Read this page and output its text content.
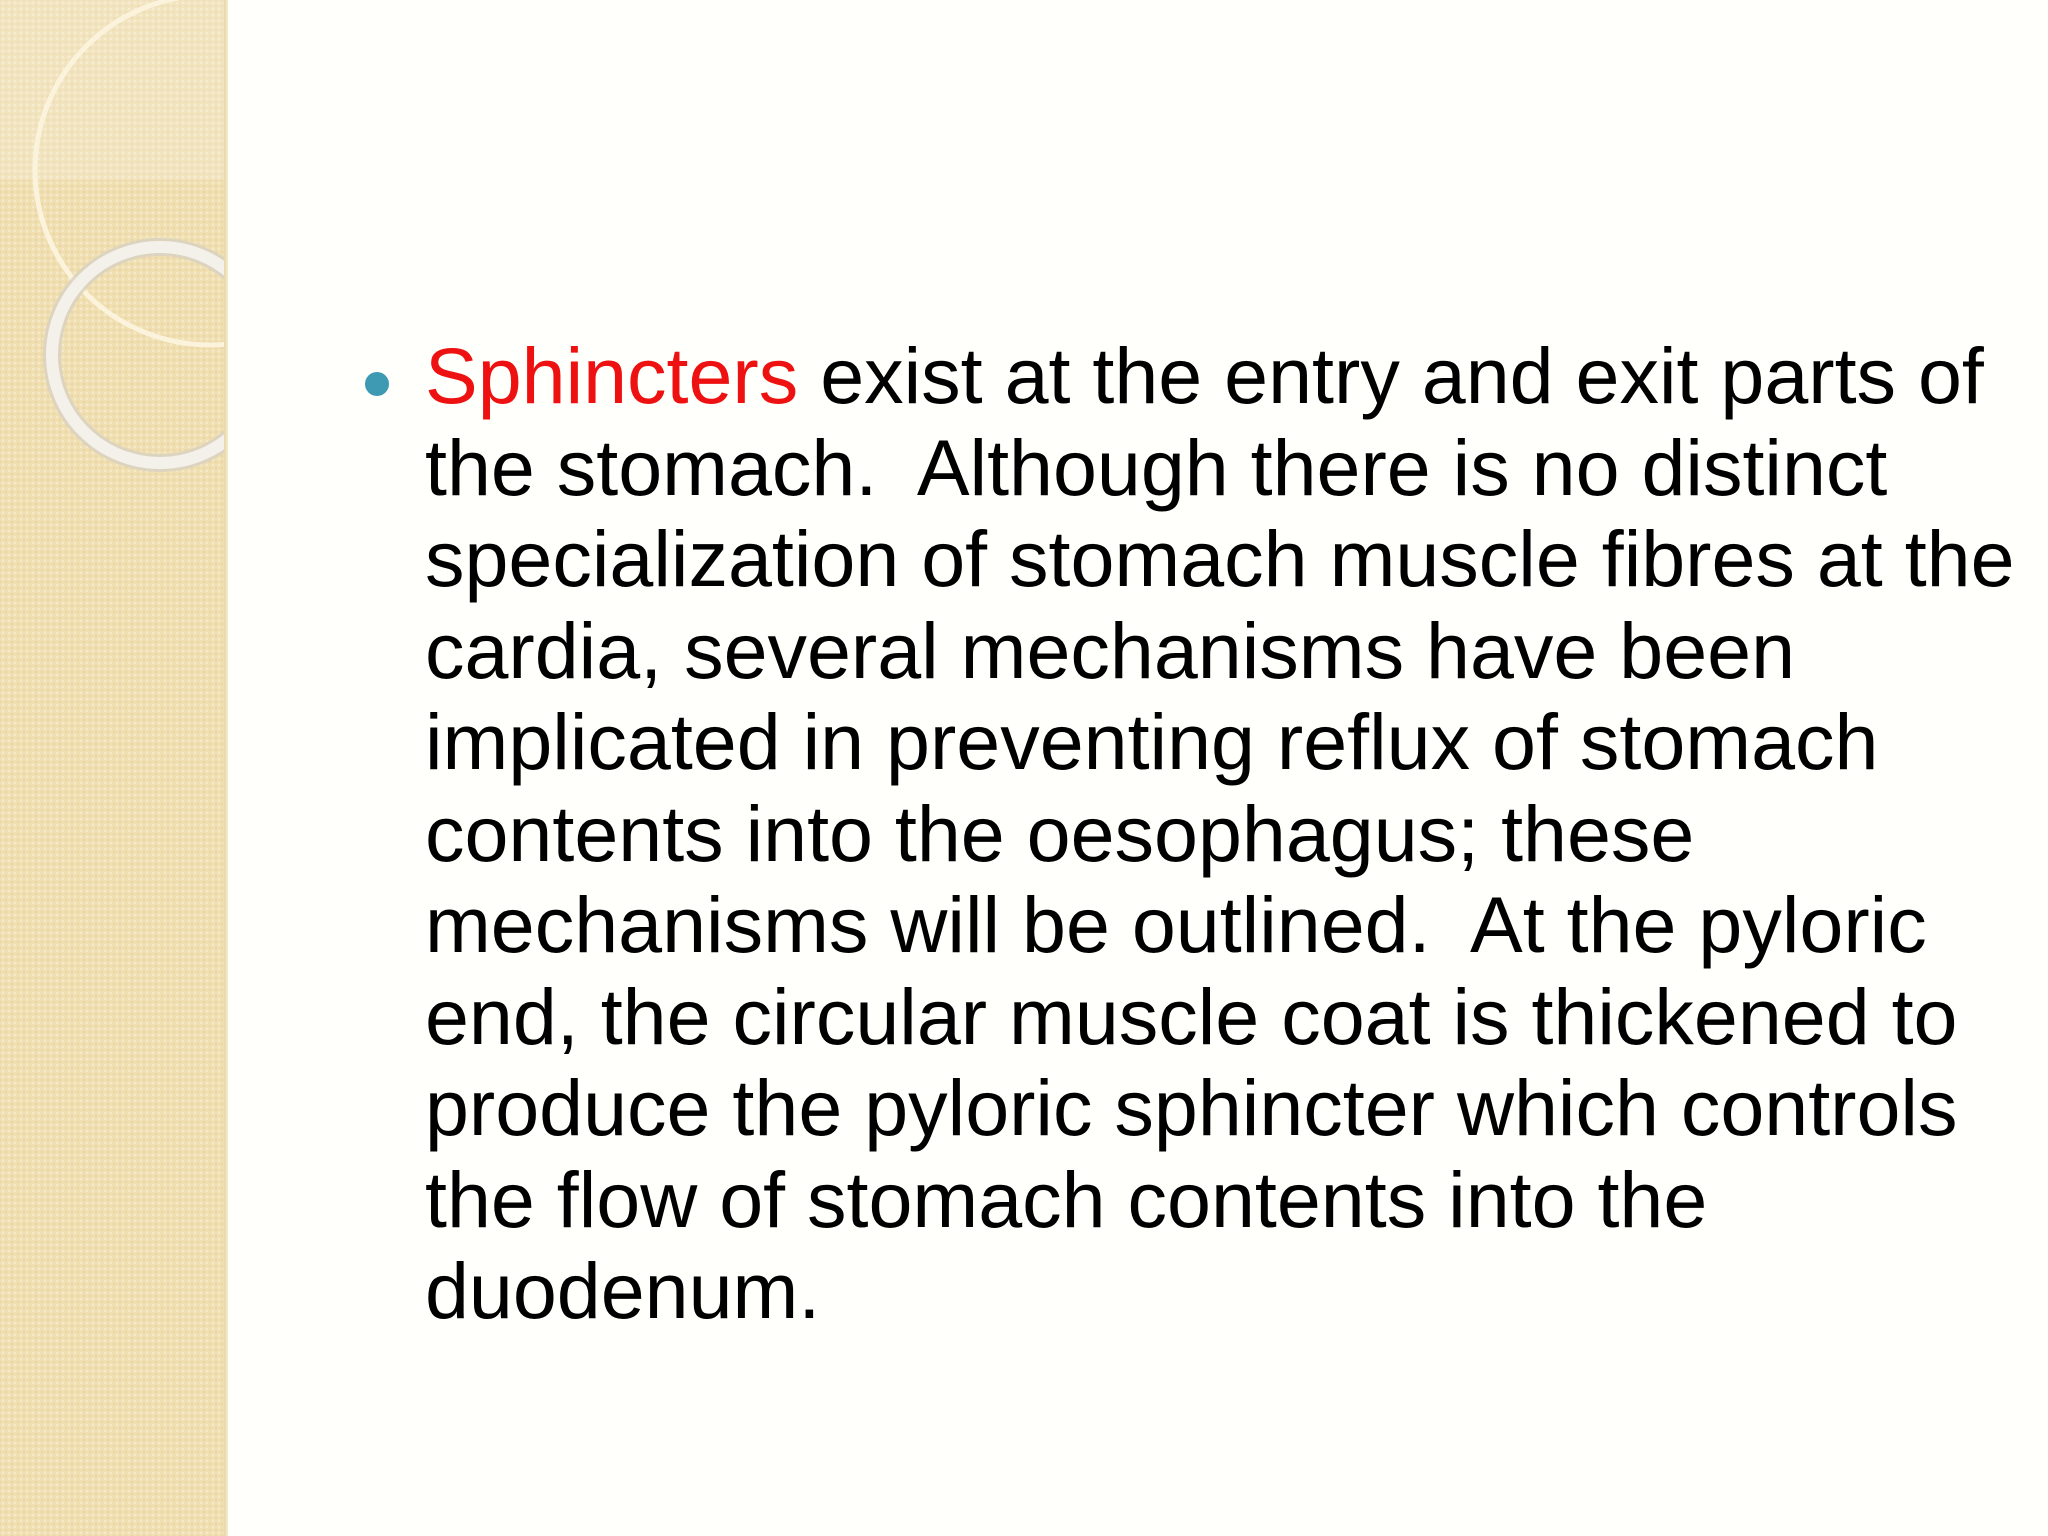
Sphincters exist at the entry and exit parts of the stomach.  Although there is no distinct specialization of stomach muscle fibres at the cardia, several mechanisms have been implicated in preventing reflux of stomach contents into the oesophagus; these mechanisms will be outlined.  At the pyloric end, the circular muscle coat is thickened to produce the pyloric sphincter which controls the flow of stomach contents into the duodenum.
